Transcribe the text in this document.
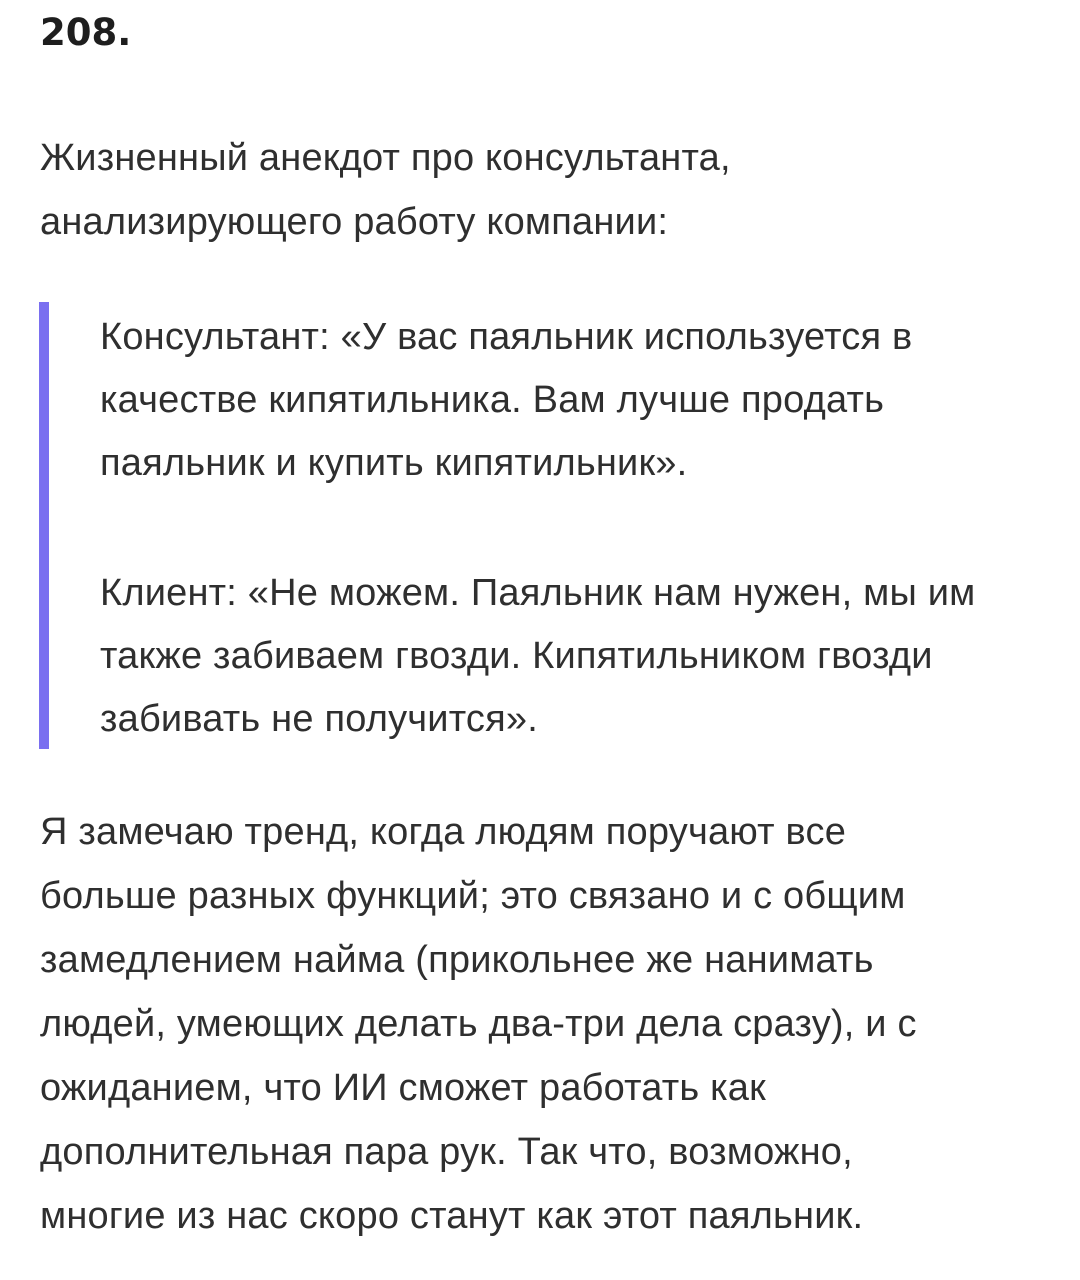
208.

Жизненный анекдот про консультанта,
анализирующего работу компании:

Консультант: «У вас паяльник используется в
качестве кипятильника. Вам лучше продать
паяльник и купить кипятильник».

Клиент: «Не можем. Паяльник нам нужен, мы им
также забиваем гвозди. Кипятильником гвозди
забивать не получится».

Я замечаю тренд, когда людям поручают все
больше разных функций; это связано и с общим
замедлением найма (прикольнее же нанимать
людей, умеющих делать два-три дела сразу), и с
ожиданием, что ИИ сможет работать как
дополнительная пара рук. Так что, возможно,
многие из нас скоро станут как этот паяльник.
